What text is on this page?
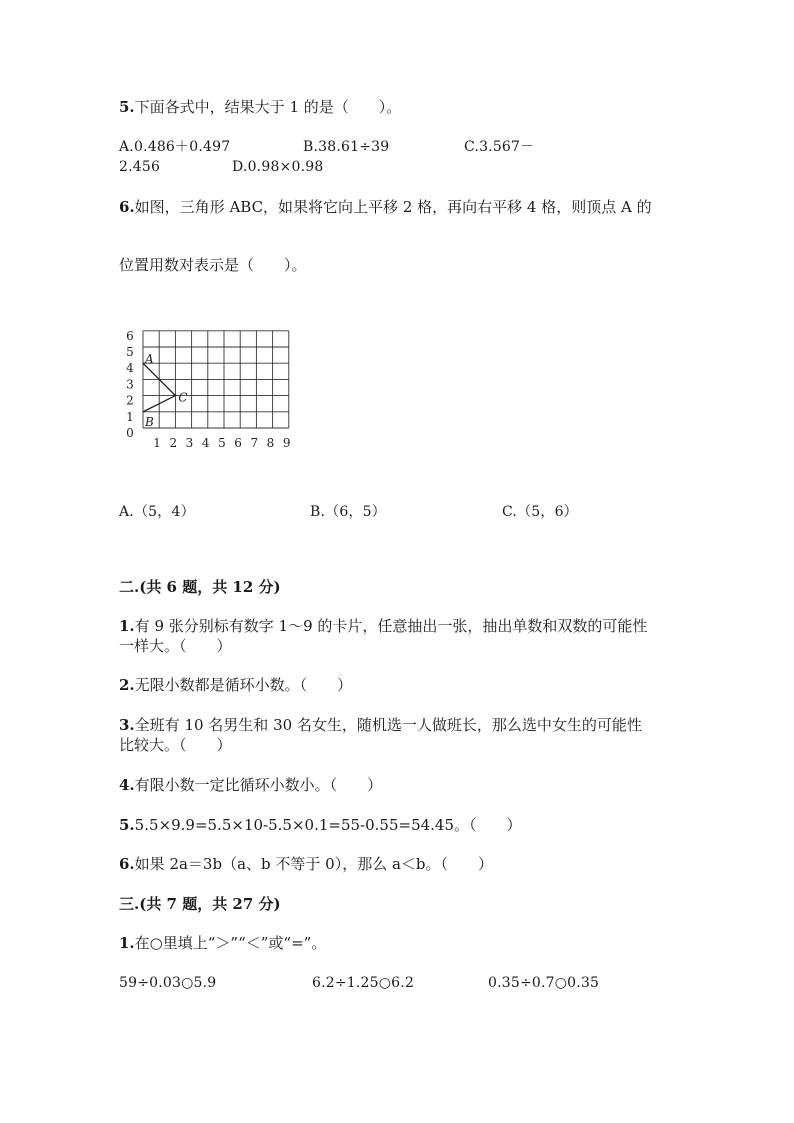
5.下面各式中，结果大于 1 的是（　　）。
A.0.486＋0.497	B.38.61÷39	C.3.567－
2.456	D.0.98×0.98
6.如图，三角形 ABC，如果将它向上平移 2 格，再向右平移 4 格，则顶点 A 的
位置用数对表示是（　　）。
0
1
2
3
4
5
6
1 2 3 4 5 6 7 8 9
A
B
C
A.（5，4）	B.（6，5）	C.（5，6）
二.(共 6 题，共 12 分)
1.有 9 张分别标有数字 1～9 的卡片，任意抽出一张，抽出单数和双数的可能性
一样大。（　　）
2.无限小数都是循环小数。（　　）
3.全班有 10 名男生和 30 名女生，随机选一人做班长，那么选中女生的可能性
比较大。（　　）
4.有限小数一定比循环小数小。（　　）
5.5.5×9.9=5.5×10-5.5×0.1=55-0.55=54.45。（　　）
6.如果 2a＝3b（a、b 不等于 0），那么 a＜b。（　　）
三.(共 7 题，共 27 分)
1.在○里填上“＞”“＜”或“=”。
59÷0.03○5.9	6.2÷1.25○6.2	0.35÷0.7○0.35
